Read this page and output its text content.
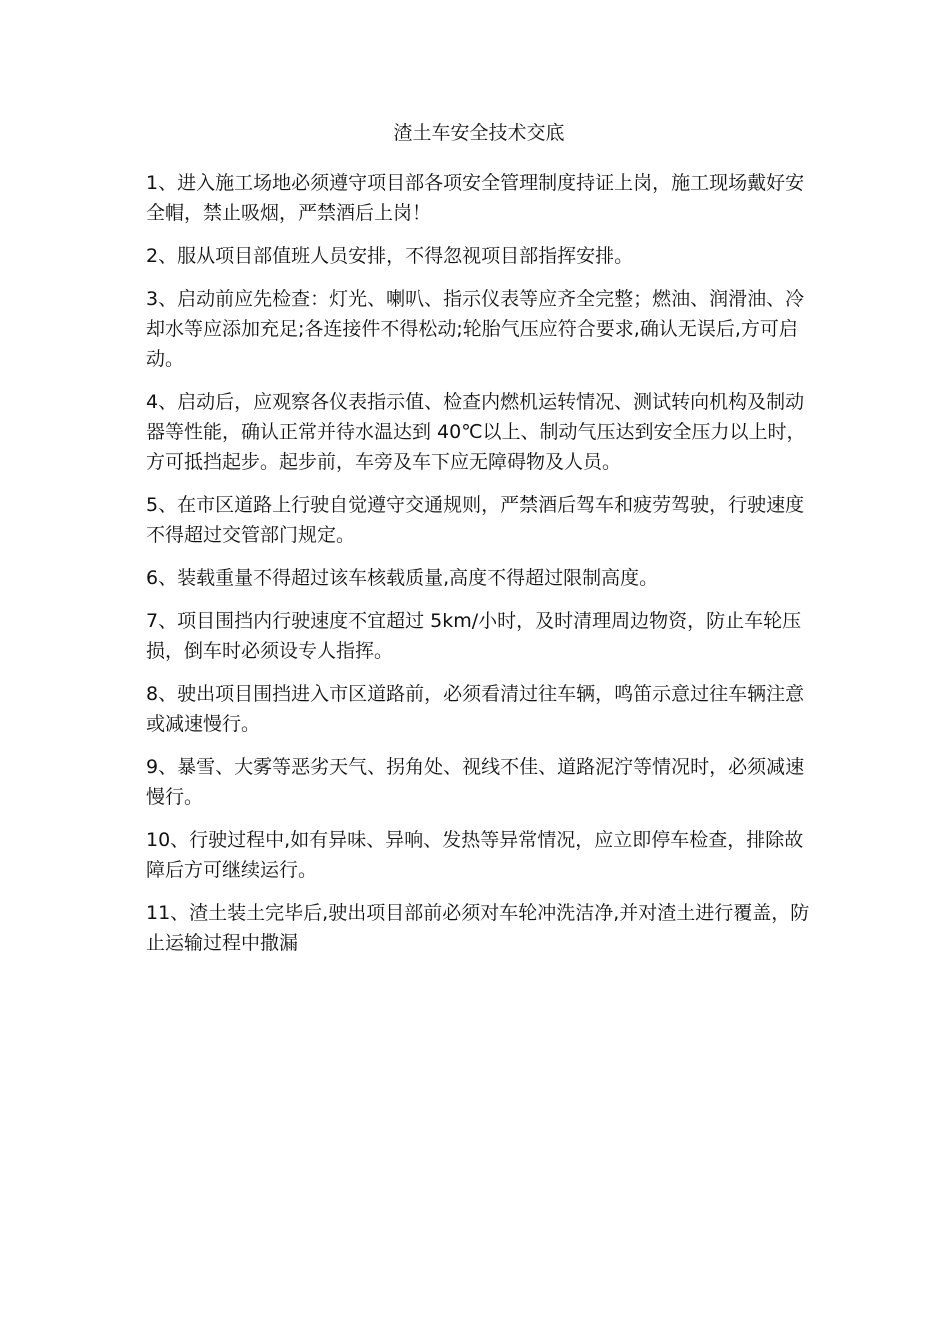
渣土车安全技术交底

1、进入施工场地必须遵守项目部各项安全管理制度持证上岗，施工现场戴好安全帽，禁止吸烟，严禁酒后上岗！

2、服从项目部值班人员安排，不得忽视项目部指挥安排。

3、启动前应先检查：灯光、喇叭、指示仪表等应齐全完整；燃油、润滑油、冷却水等应添加充足;各连接件不得松动;轮胎气压应符合要求,确认无误后,方可启动。

4、启动后，应观察各仪表指示值、检查内燃机运转情况、测试转向机构及制动器等性能，确认正常并待水温达到 40℃以上、制动气压达到安全压力以上时，方可抵挡起步。起步前，车旁及车下应无障碍物及人员。

5、在市区道路上行驶自觉遵守交通规则，严禁酒后驾车和疲劳驾驶，行驶速度不得超过交管部门规定。

6、装载重量不得超过该车核载质量,高度不得超过限制高度。

7、项目围挡内行驶速度不宜超过 5km/小时，及时清理周边物资，防止车轮压损，倒车时必须设专人指挥。

8、驶出项目围挡进入市区道路前，必须看清过往车辆，鸣笛示意过往车辆注意或减速慢行。

9、暴雪、大雾等恶劣天气、拐角处、视线不佳、道路泥泞等情况时，必须减速慢行。

10、行驶过程中,如有异味、异响、发热等异常情况，应立即停车检查，排除故障后方可继续运行。

11、渣土装土完毕后,驶出项目部前必须对车轮冲洗洁净,并对渣土进行覆盖，防止运输过程中撒漏
